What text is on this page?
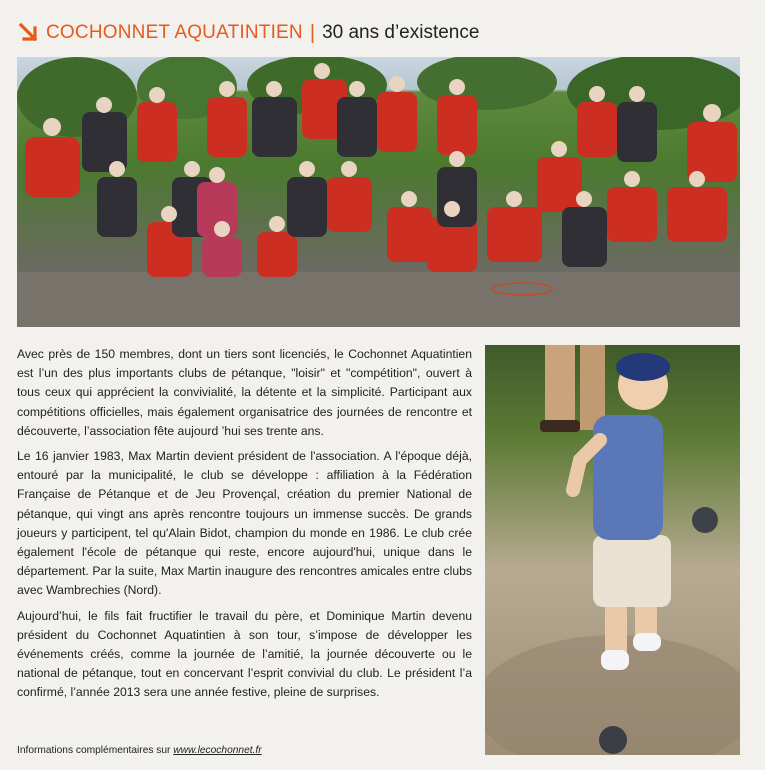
COCHONNET AQUATINTIEN | 30 ans d’existence

Avec près de 150 membres, dont un tiers sont licenciés, le Cochonnet Aquatintien est l’un des plus importants clubs de pétanque, "loisir" et "compétition", ouvert à tous ceux qui apprécient la convivialité, la détente et la simplicité. Participant aux compétitions officielles, mais également organisatrice des journées de rencontre et découverte, l’association fête aujourd ’hui ses trente ans.

Le 16 janvier 1983, Max Martin devient président de l'association. A l'époque déjà, entouré par la municipalité, le club se développe : affiliation à la Fédération Française de Pétanque et de Jeu Provençal, création du premier National de pétanque, qui vingt ans après rencontre toujours un immense succès. De grands joueurs y participent, tel qu'Alain Bidot, champion du monde en 1986. Le club crée également l'école de pétanque qui reste, encore aujourd'hui, unique dans le département. Par la suite, Max Martin inaugure des rencontres amicales entre clubs avec Wambrechies (Nord).

Aujourd’hui, le fils fait fructifier le travail du père, et Dominique Martin devenu président du Cochonnet Aquatintien à son tour, s’impose de développer les événements créés, comme la journée de l’amitié, la journée découverte ou le national de pétanque, tout en concervant l’esprit convivial du club. Le président l’a confirmé, l’année 2013 sera une année festive, pleine de surprises.

Informations complémentaires sur www.lecochonnet.fr
